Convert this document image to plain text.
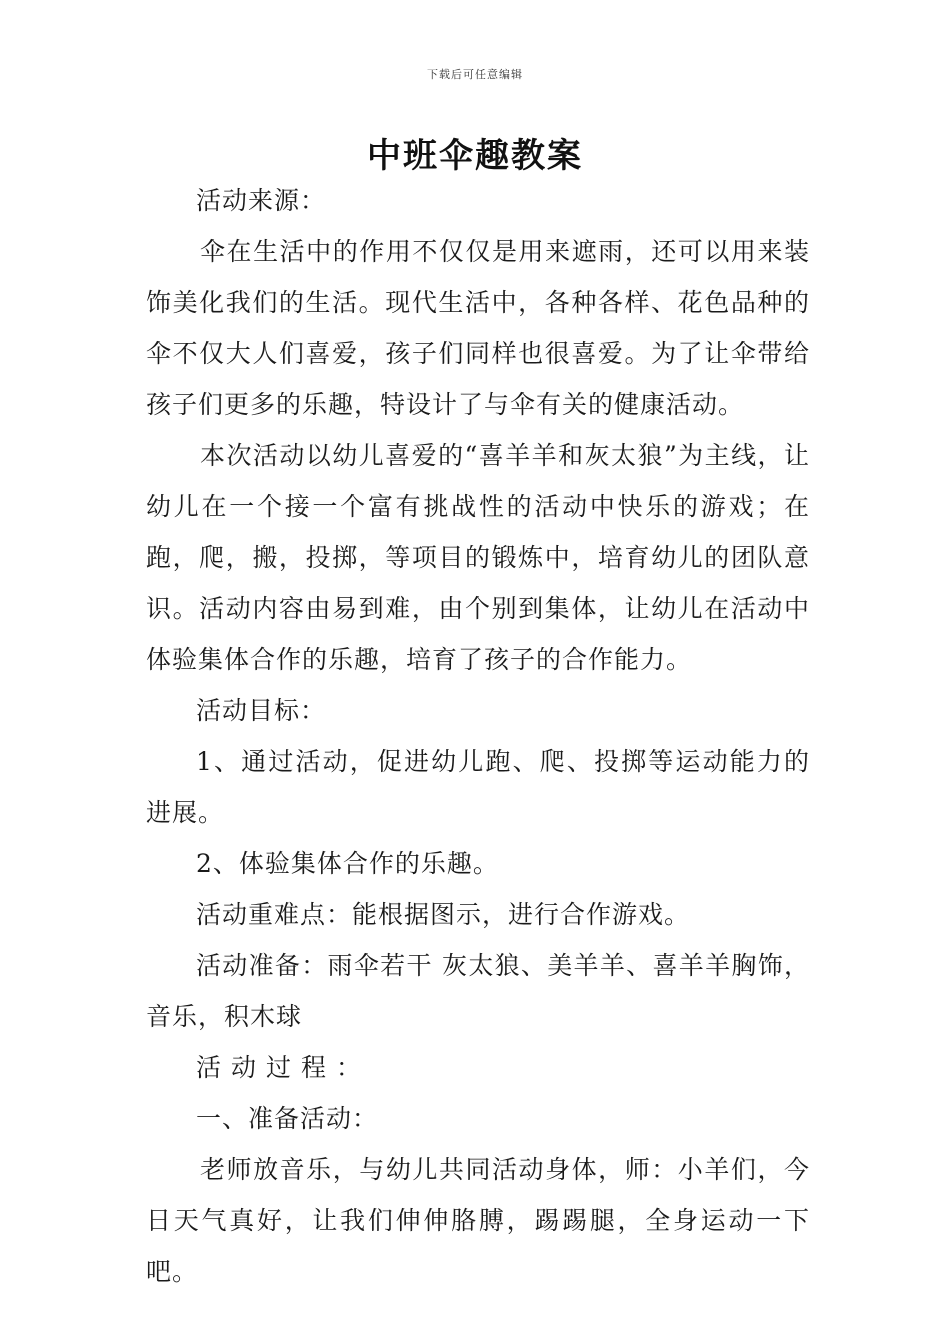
下载后可任意编辑
中班伞趣教案

活动来源：

伞在生活中的作用不仅仅是用来遮雨，还可以用来装饰美化我们的生活。现代生活中，各种各样、花色品种的伞不仅大人们喜爱，孩子们同样也很喜爱。为了让伞带给孩子们更多的乐趣，特设计了与伞有关的健康活动。

本次活动以幼儿喜爱的“喜羊羊和灰太狼”为主线，让幼儿在一个接一个富有挑战性的活动中快乐的游戏；在跑，爬，搬，投掷，等项目的锻炼中，培育幼儿的团队意识。活动内容由易到难，由个别到集体，让幼儿在活动中体验集体合作的乐趣，培育了孩子的合作能力。

活动目标：

1、通过活动，促进幼儿跑、爬、投掷等运动能力的进展。

2、体验集体合作的乐趣。

活动重难点：能根据图示，进行合作游戏。

活动准备：雨伞若干 灰太狼、美羊羊、喜羊羊胸饰，音乐，积木球

活动过程：

一、准备活动：

老师放音乐，与幼儿共同活动身体，师：小羊们，今日天气真好，让我们伸伸胳膊，踢踢腿，全身运动一下吧。
